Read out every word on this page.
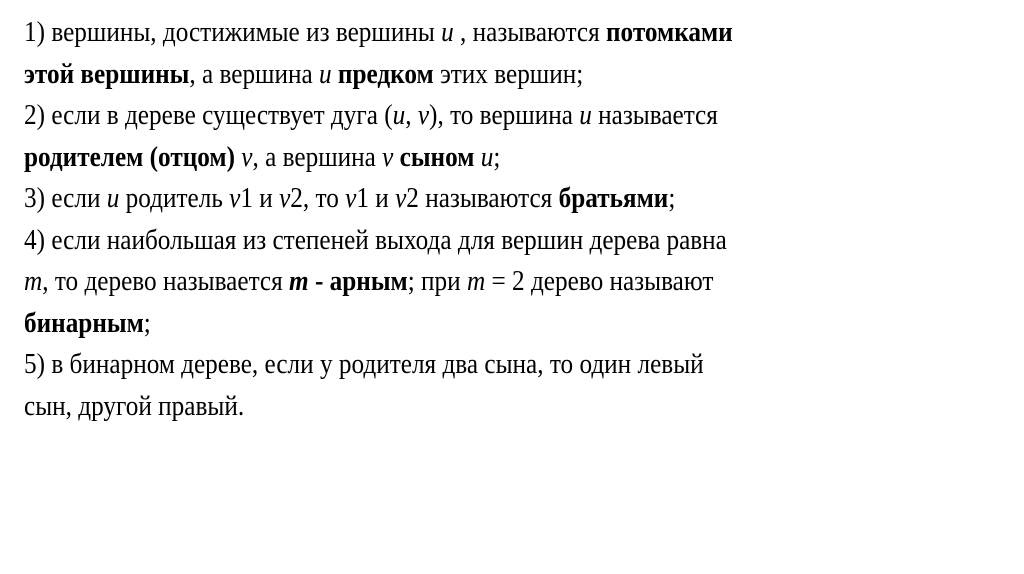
1) вершины, достижимые из вершины u , называются потомками
этой вершины, а вершина u предком этих вершин;
2) если в дереве существует дуга (u, v), то вершина u называется
родителем (отцом) v, а вершина v сыном u;
3) если u родитель v1 и v2, то v1 и v2 называются братьями;
4) если наибольшая из степеней выхода для вершин дерева равна
m, то дерево называется m - арным; при m = 2 дерево называют
бинарным;
5) в бинарном дереве, если у родителя два сына, то один левый
сын, другой правый.
